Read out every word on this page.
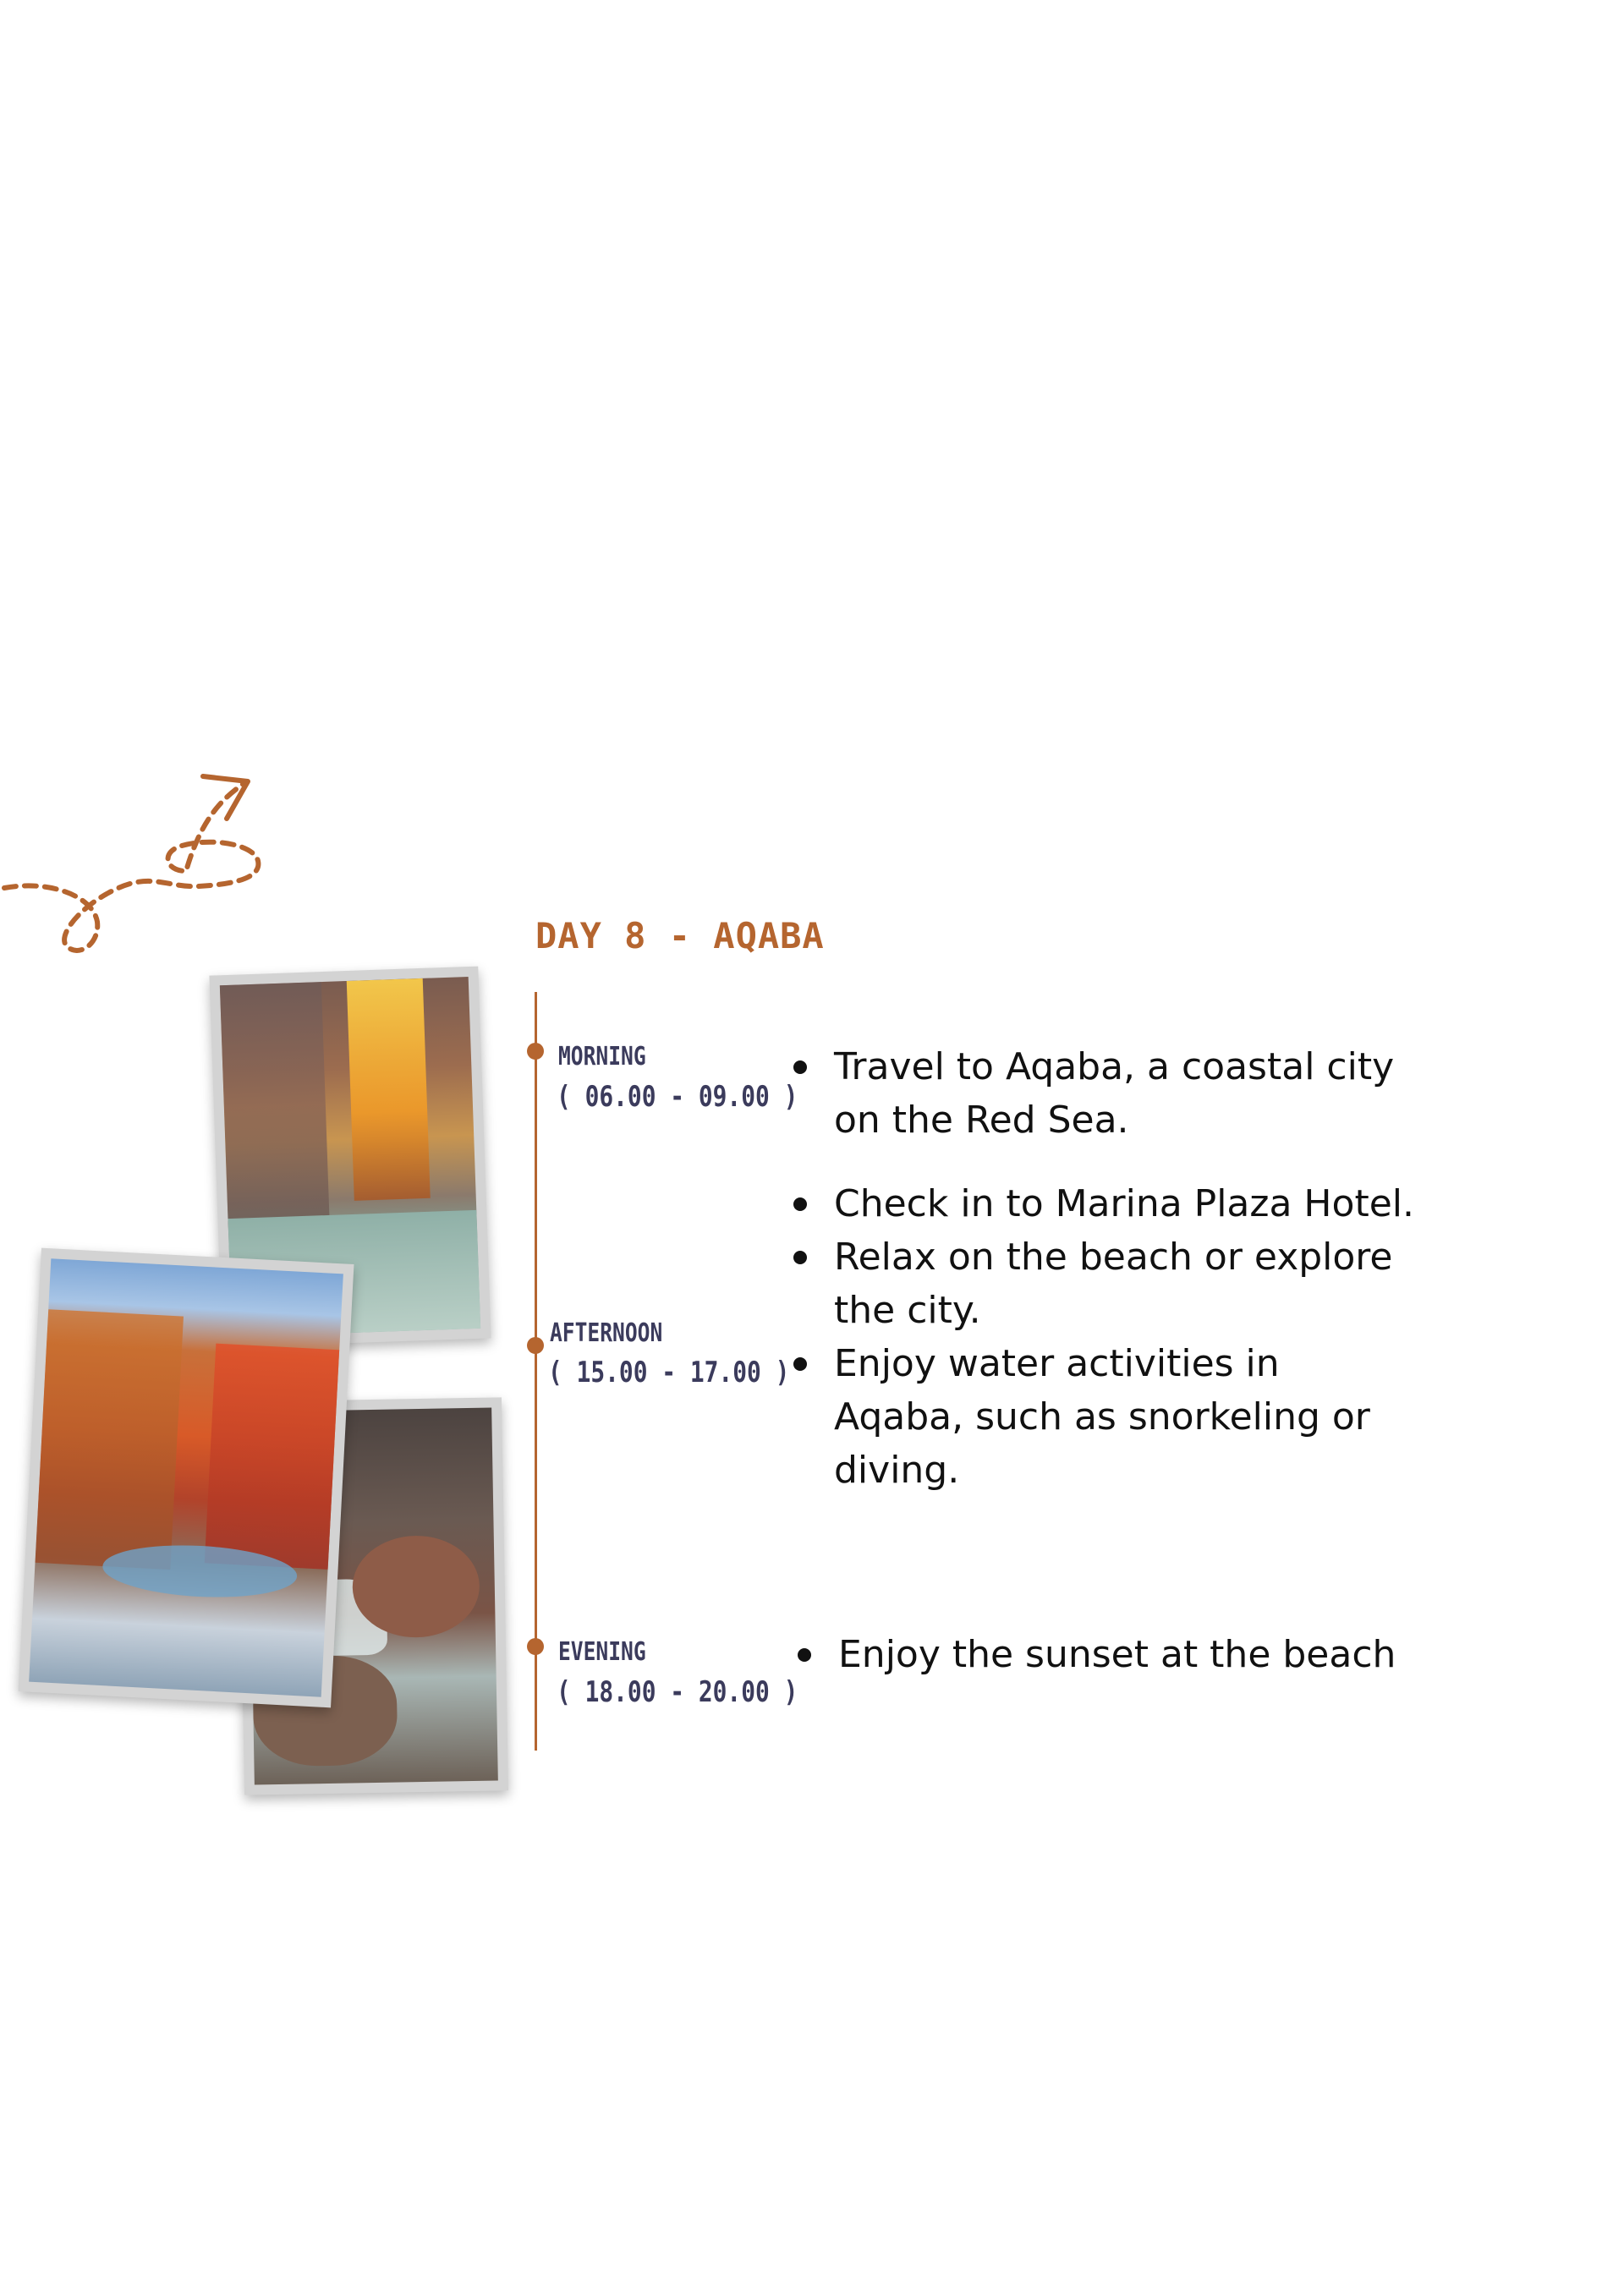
DAY 8 - AQABA
MORNING
( 06.00 - 09.00 )
Travel to Aqaba, a coastal city on the Red Sea.
AFTERNOON
( 15.00 - 17.00 )
Check in to Marina Plaza Hotel.
Relax on the beach or explore the city.
Enjoy water activities in Aqaba, such as snorkeling or diving.
EVENING
( 18.00 - 20.00 )
Enjoy the sunset at the beach
